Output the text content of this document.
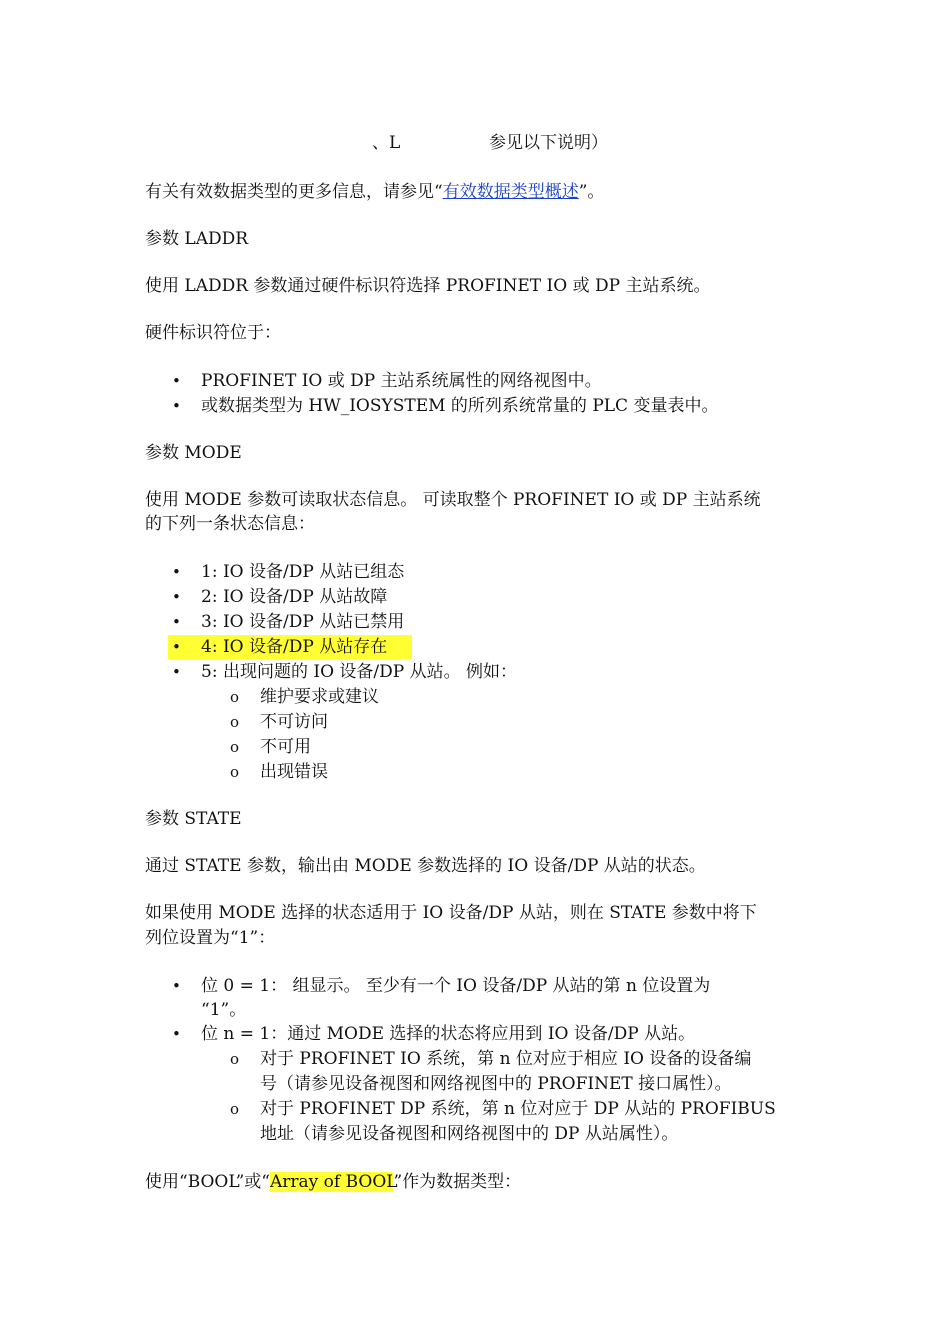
、L	参见以下说明）
有关有效数据类型的更多信息，请参见“有效数据类型概述”。
参数 LADDR
使用 LADDR 参数通过硬件标识符选择 PROFINET IO 或 DP 主站系统。
硬件标识符位于：
• PROFINET IO 或 DP 主站系统属性的网络视图中。
• 或数据类型为 HW_IOSYSTEM 的所列系统常量的 PLC 变量表中。
参数 MODE
使用 MODE 参数可读取状态信息。 可读取整个 PROFINET IO 或 DP 主站系统
的下列一条状态信息：
• 1: IO 设备/DP 从站已组态
• 2: IO 设备/DP 从站故障
• 3: IO 设备/DP 从站已禁用
• 4: IO 设备/DP 从站存在
• 5: 出现问题的 IO 设备/DP 从站。 例如：
o 维护要求或建议
o 不可访问
o 不可用
o 出现错误
参数 STATE
通过 STATE 参数，输出由 MODE 参数选择的 IO 设备/DP 从站的状态。
如果使用 MODE 选择的状态适用于 IO 设备/DP 从站，则在 STATE 参数中将下
列位设置为“1”：
• 位 0 = 1： 组显示。 至少有一个 IO 设备/DP 从站的第 n 位设置为
“1”。
• 位 n = 1：通过 MODE 选择的状态将应用到 IO 设备/DP 从站。
o 对于 PROFINET IO 系统，第 n 位对应于相应 IO 设备的设备编
号（请参见设备视图和网络视图中的 PROFINET 接口属性）。
o 对于 PROFINET DP 系统，第 n 位对应于 DP 从站的 PROFIBUS
地址（请参见设备视图和网络视图中的 DP 从站属性）。
使用“BOOL”或“Array of BOOL”作为数据类型：
